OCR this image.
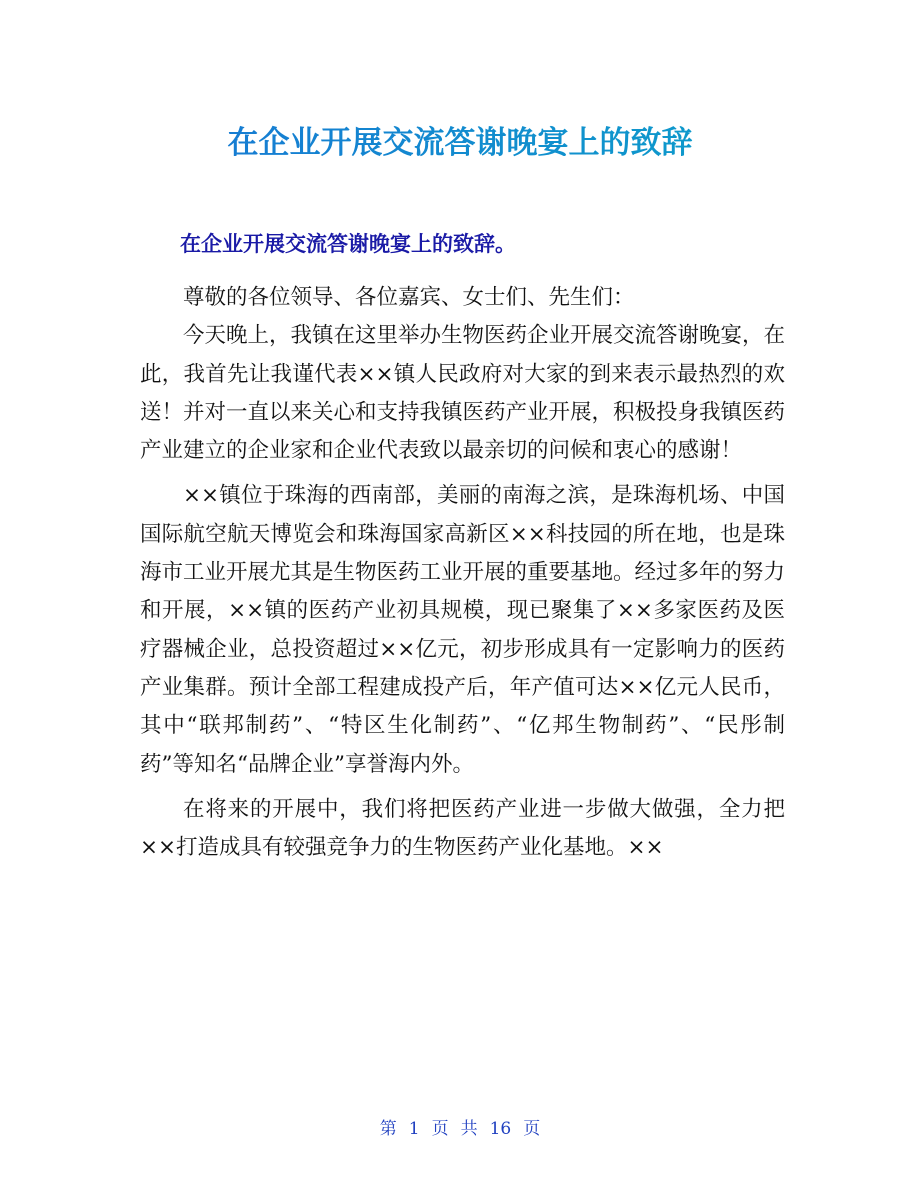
在企业开展交流答谢晚宴上的致辞
在企业开展交流答谢晚宴上的致辞。

尊敬的各位领导、各位嘉宾、女士们、先生们：

今天晚上，我镇在这里举办生物医药企业开展交流答谢晚宴，在此，我首先让我谨代表××镇人民政府对大家的到来表示最热烈的欢送！并对一直以来关心和支持我镇医药产业开展，积极投身我镇医药产业建立的企业家和企业代表致以最亲切的问候和衷心的感谢！

××镇位于珠海的西南部，美丽的南海之滨，是珠海机场、中国国际航空航天博览会和珠海国家高新区××科技园的所在地，也是珠海市工业开展尤其是生物医药工业开展的重要基地。经过多年的努力和开展，××镇的医药产业初具规模，现已聚集了××多家医药及医疗器械企业，总投资超过××亿元，初步形成具有一定影响力的医药产业集群。预计全部工程建成投产后，年产值可达××亿元人民币，其中“联邦制药”、“特区生化制药”、“亿邦生物制药”、“民彤制药”等知名“品牌企业”享誉海内外。

在将来的开展中，我们将把医药产业进一步做大做强，全力把××打造成具有较强竞争力的生物医药产业化基地。××

第 1 页 共 16 页
